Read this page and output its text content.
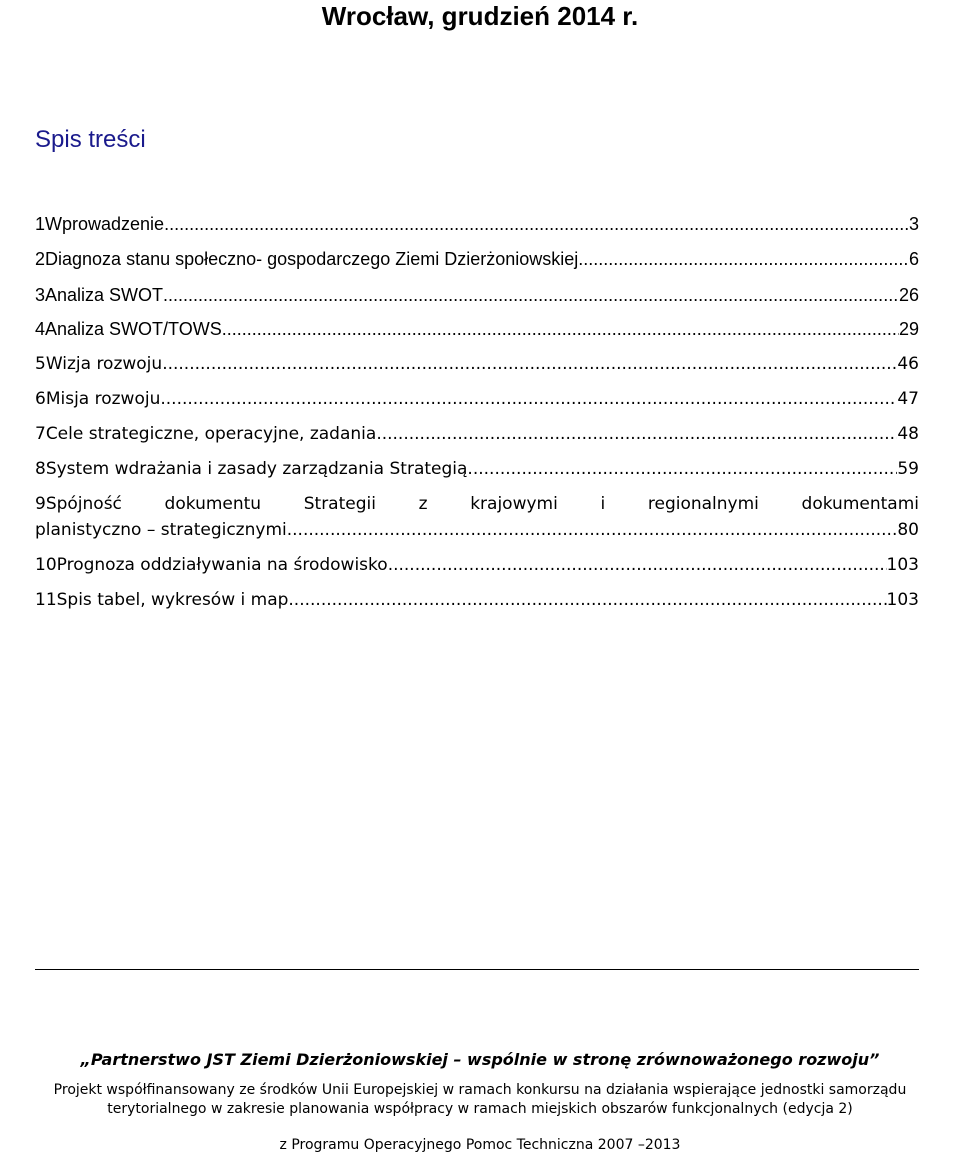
Wrocław, grudzień 2014 r.
Spis treści
1Wprowadzenie .....	3
2Diagnoza stanu społeczno- gospodarczego Ziemi Dzierżoniowskiej. .....	6
3Analiza SWOT .....	26
4Analiza SWOT/TOWS .....	29
5Wizja rozwoju .....	46
6Misja rozwoju .....	47
7Cele strategiczne, operacyjne, zadania .....	48
8System wdrażania i zasady zarządzania Strategią .....	59
9Spójność dokumentu Strategii z krajowymi i regionalnymi dokumentami
planistyczno – strategicznymi .....	80
10Prognoza oddziaływania na środowisko .....	103
11Spis tabel, wykresów i map .....	103
„Partnerstwo JST Ziemi Dzierżoniowskiej – wspólnie w stronę zrównoważonego rozwoju”
Projekt współfinansowany ze środków Unii Europejskiej w ramach konkursu na działania wspierające jednostki samorządu
terytorialnego w zakresie planowania współpracy w ramach miejskich obszarów funkcjonalnych (edycja 2)
z Programu Operacyjnego Pomoc Techniczna 2007 –2013
